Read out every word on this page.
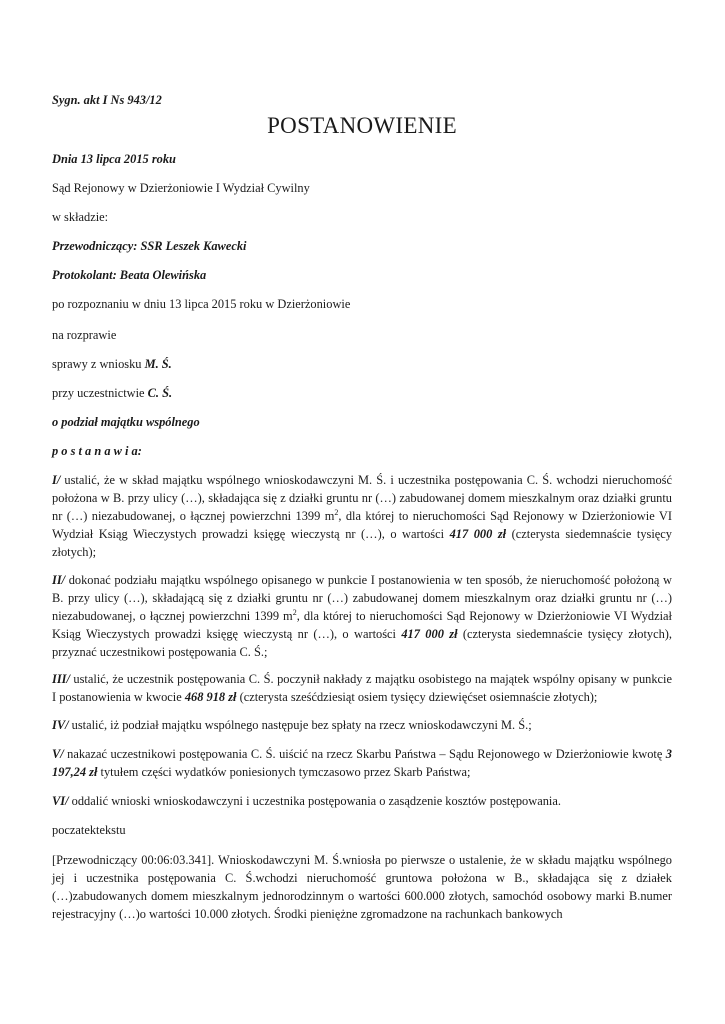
Sygn. akt I Ns 943/12
POSTANOWIENIE
Dnia 13 lipca 2015 roku
Sąd Rejonowy w Dzierżoniowie I Wydział Cywilny
w składzie:
Przewodniczący: SSR Leszek Kawecki
Protokolant: Beata Olewińska
po rozpoznaniu w dniu 13 lipca 2015 roku w Dzierżoniowie
na rozprawie
sprawy z wniosku M. Ś.
przy uczestnictwie C. Ś.
o podział majątku wspólnego
p o s t a n a w i a:
I/ ustalić, że w skład majątku wspólnego wnioskodawczyni M. Ś. i uczestnika postępowania C. Ś. wchodzi nieruchomość położona w B. przy ulicy (…), składająca się z działki gruntu nr (…) zabudowanej domem mieszkalnym oraz działki gruntu nr (…) niezabudowanej, o łącznej powierzchni 1399 $m^2$, dla której to nieruchomości Sąd Rejonowy w Dzierżoniowie VI Wydział Ksiąg Wieczystych prowadzi księgę wieczystą nr (…), o wartości 417 000 zł (czterysta siedemnaście tysięcy złotych);
II/ dokonać podziału majątku wspólnego opisanego w punkcie I postanowienia w ten sposób, że nieruchomość położoną w B. przy ulicy (…), składającą się z działki gruntu nr (…) zabudowanej domem mieszkalnym oraz działki gruntu nr (…) niezabudowanej, o łącznej powierzchni 1399 $m^2$, dla której to nieruchomości Sąd Rejonowy w Dzierżoniowie VI Wydział Ksiąg Wieczystych prowadzi księgę wieczystą nr (…), o wartości 417 000 zł (czterysta siedemnaście tysięcy złotych), przyznać uczestnikowi postępowania C. Ś.;
III/ ustalić, że uczestnik postępowania C. Ś. poczynił nakłady z majątku osobistego na majątek wspólny opisany w punkcie I postanowienia w kwocie 468 918 zł (czterysta sześćdziesiąt osiem tysięcy dziewięćset osiemnaście złotych);
IV/ ustalić, iż podział majątku wspólnego następuje bez spłaty na rzecz wnioskodawczyni M. Ś.;
V/ nakazać uczestnikowi postępowania C. Ś. uiścić na rzecz Skarbu Państwa – Sądu Rejonowego w Dzierżoniowie kwotę 3 197,24 zł tytułem części wydatków poniesionych tymczasowo przez Skarb Państwa;
VI/ oddalić wnioski wnioskodawczyni i uczestnika postępowania o zasądzenie kosztów postępowania.
poczatektekstu
[Przewodniczący 00:06:03.341]. Wnioskodawczyni M. Ś.wniosła po pierwsze o ustalenie, że w składu majątku wspólnego jej i uczestnika postępowania C. Ś.wchodzi nieruchomość gruntowa położona w B., składająca się z działek (…)zabudowanych domem mieszkalnym jednorodzinnym o wartości 600.000 złotych, samochód osobowy marki B.numer rejestracyjny (…)o wartości 10.000 złotych. Środki pieniężne zgromadzone na rachunkach bankowych
